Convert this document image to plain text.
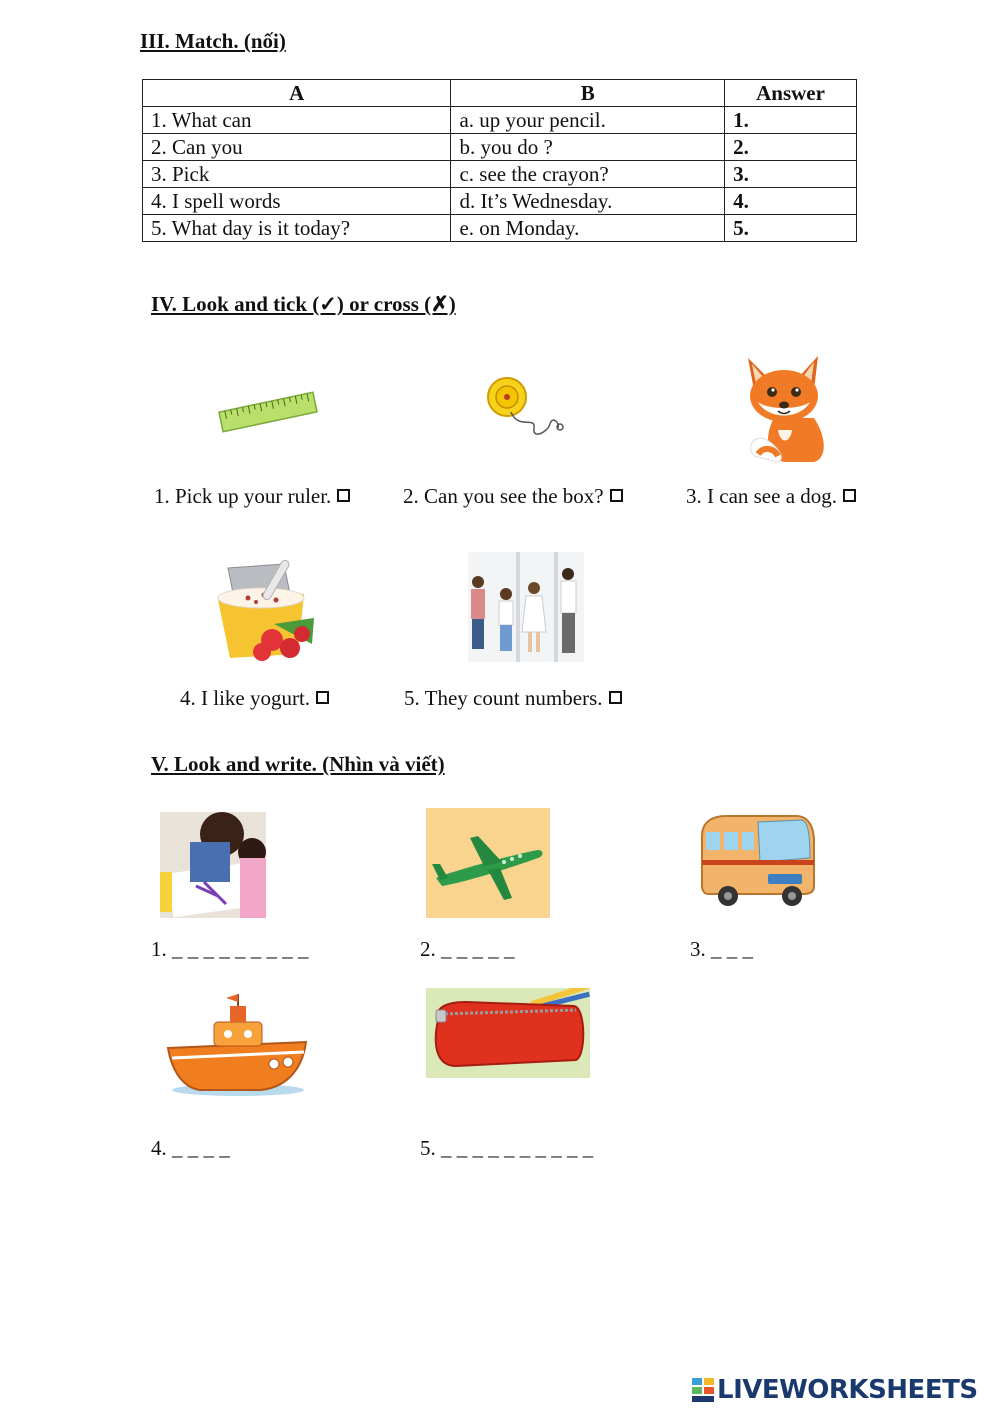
III. Match. (nối)
A	B	Answer
1. What can	a. up your pencil.	1.
2. Can you	b. you do ?	2.
3. Pick	c. see the crayon?	3.
4. I spell words	d. It’s Wednesday.	4.
5. What day is it today?	e. on Monday.	5.
IV. Look and tick (✓) or cross (✗)
1. Pick up your ruler.	2. Can you see the box?	3. I can see a dog.
4. I like yogurt.	5. They count numbers.
V. Look and write. (Nhìn và viết)
1. _ _ _ _ _ _ _ _ _	2. _ _ _ _ _	3. _ _ _
4. _ _ _ _	5. _ _ _ _ _ _ _ _ _ _
LIVEWORKSHEETS
